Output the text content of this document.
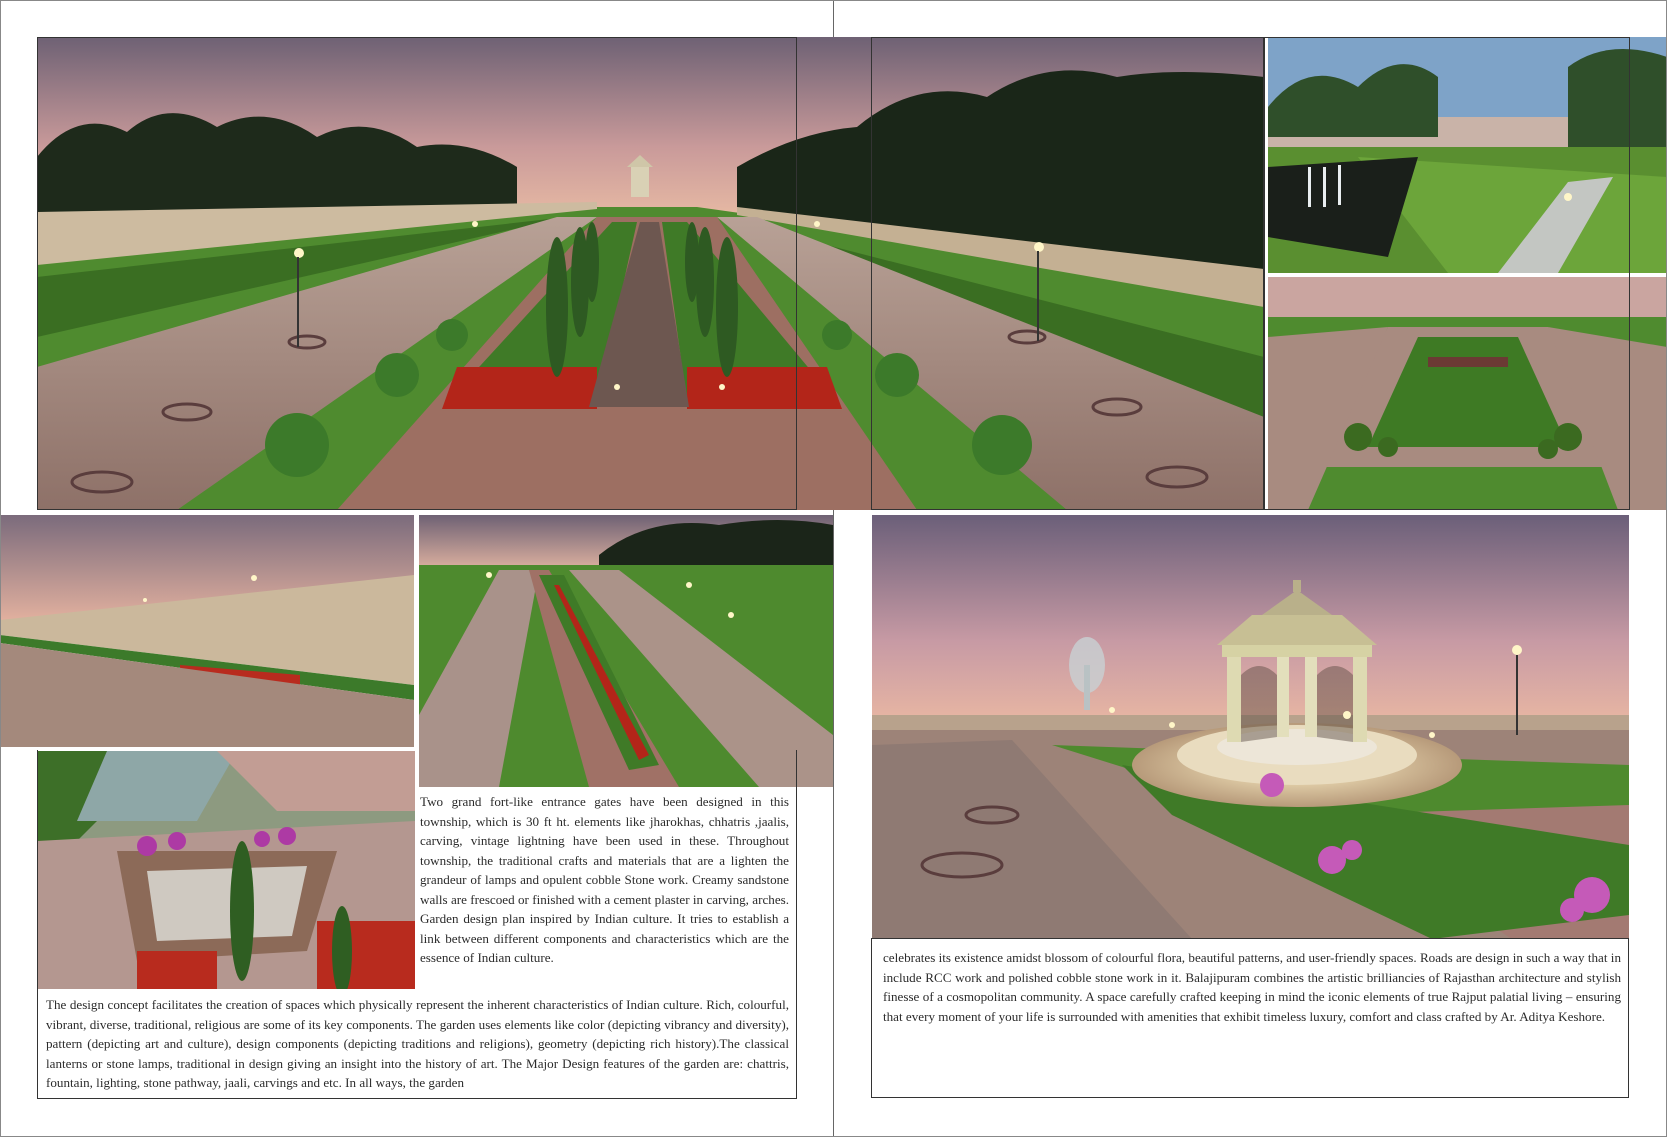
Two grand fort-like entrance gates have been designed in this township, which is 30 ft ht. elements like jharokhas, chhatris ,jaalis, carving, vintage lightning have been used in these. Throughout township, the traditional crafts and materials that are a lighten the grandeur of lamps and opulent cobble Stone work. Creamy sandstone walls are frescoed or finished with a cement plaster in carving, arches. Garden design plan inspired by Indian culture. It tries to establish a link between different components and characteristics which are the essence of Indian culture.
The design concept facilitates the creation of spaces which physically represent the inherent characteristics of Indian culture. Rich, colourful, vibrant, diverse, traditional, religious are some of its key components. The garden uses elements like color (depicting vibrancy and diversity), pattern (depicting art and culture), design components (depicting traditions and religions), geometry (depicting rich history).The classical lanterns or stone lamps, traditional in design giving an insight into the history of art. The Major Design features of the garden are: chattris, fountain, lighting, stone pathway, jaali, carvings and etc. In all ways, the garden
celebrates its existence amidst blossom of colourful flora, beautiful patterns, and user-friendly spaces. Roads are design in such a way that in include RCC work and polished cobble stone work in it. Balajipuram combines the artistic brilliancies of Rajasthan architecture and stylish finesse of a cosmopolitan community. A space carefully crafted keeping in mind the iconic elements of true Rajput palatial living – ensuring that every moment of your life is surrounded with amenities that exhibit timeless luxury, comfort and class crafted by Ar. Aditya Keshore.
